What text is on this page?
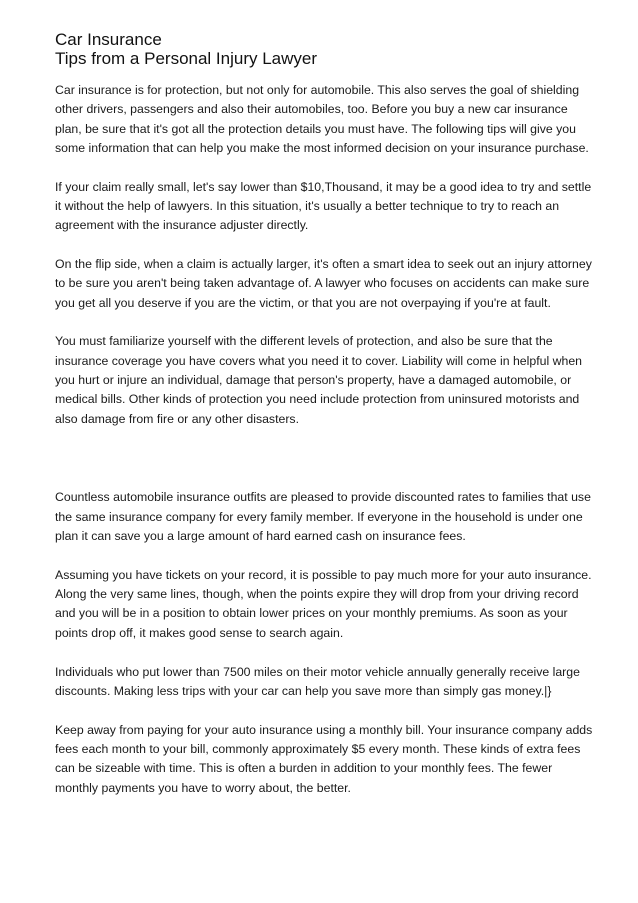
Car Insurance
Tips from a Personal Injury Lawyer

Car insurance is for protection, but not only for automobile. This also serves the goal of shielding other drivers, passengers and also their automobiles, too. Before you buy a new car insurance plan, be sure that it's got all the protection details you must have. The following tips will give you some information that can help you make the most informed decision on your insurance purchase.

If your claim really small, let's say lower than $10,Thousand, it may be a good idea to try and settle it without the help of lawyers. In this situation, it's usually a better technique to try to reach an agreement with the insurance adjuster directly.

On the flip side, when a claim is actually larger, it's often a smart idea to seek out an injury attorney to be sure you aren't being taken advantage of. A lawyer who focuses on accidents can make sure you get all you deserve if you are the victim, or that you are not overpaying if you're at fault.

You must familiarize yourself with the different levels of protection, and also be sure that the insurance coverage you have covers what you need it to cover. Liability will come in helpful when you hurt or injure an individual, damage that person's property, have a damaged automobile, or medical bills. Other kinds of protection you need include protection from uninsured motorists and also damage from fire or any other disasters.

Countless automobile insurance outfits are pleased to provide discounted rates to families that use the same insurance company for every family member. If everyone in the household is under one plan it can save you a large amount of hard earned cash on insurance fees.

Assuming you have tickets on your record, it is possible to pay much more for your auto insurance. Along the very same lines, though, when the points expire they will drop from your driving record and you will be in a position to obtain lower prices on your monthly premiums. As soon as your points drop off, it makes good sense to search again.

Individuals who put lower than 7500 miles on their motor vehicle annually generally receive large discounts. Making less trips with your car can help you save more than simply gas money.|}

Keep away from paying for your auto insurance using a monthly bill. Your insurance company adds fees each month to your bill, commonly approximately $5 every month. These kinds of extra fees can be sizeable with time. This is often a burden in addition to your monthly fees. The fewer monthly payments you have to worry about, the better.
